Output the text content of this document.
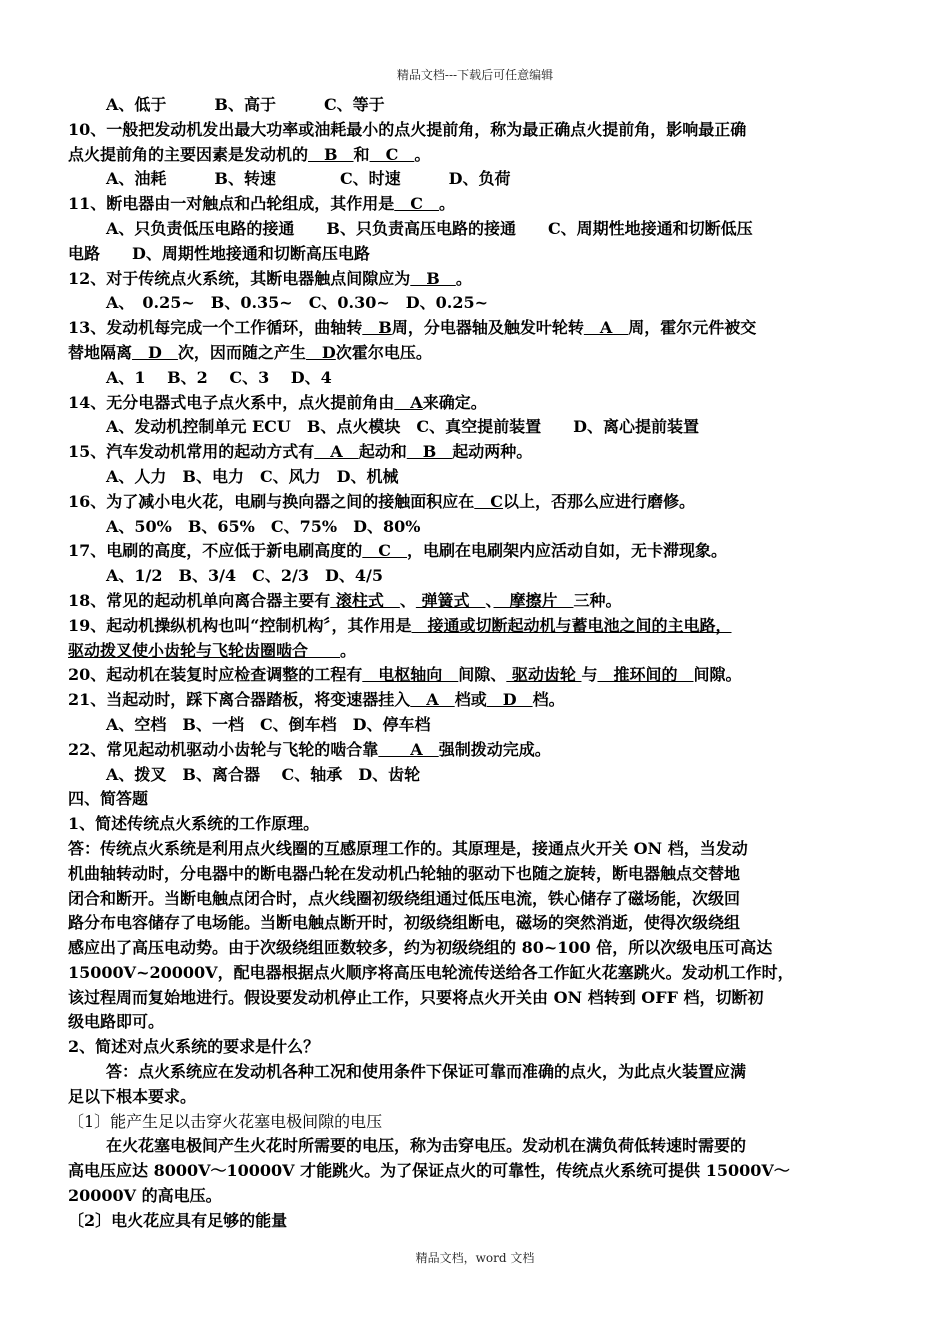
精品文档---下载后可任意编辑
A、低于　　　B、高于　　　C、等于
10、一般把发动机发出最大功率或油耗最小的点火提前角，称为最正确点火提前角，影响最正确
点火提前角的主要因素是发动机的　B　和　C　。
A、油耗　　　B、转速　　　　C、时速　　　D、负荷
11、断电器由一对触点和凸轮组成，其作用是　C　。
A、只负责低压电路的接通　　B、只负责高压电路的接通　　C、周期性地接通和切断低压
电路　　D、周期性地接通和切断高压电路
12、对于传统点火系统，其断电器触点间隙应为　B　。
A、　0.25~　B、0.35~　C、0.30~　D、0.25~
13、发动机每完成一个工作循环，曲轴转　B周，分电器轴及触发叶轮转　A　周，霍尔元件被交
替地隔离　D　次，因而随之产生　D次霍尔电压。
A、1　 B、2　 C、3　 D、4
14、无分电器式电子点火系中，点火提前角由　A来确定。
A、发动机控制单元 ECU　B、点火模块　C、真空提前装置　　D、离心提前装置
15、汽车发动机常用的起动方式有　A　起动和　B　起动两种。
A、人力　B、电力　C、风力　D、机械
16、为了减小电火花，电刷与换向器之间的接触面积应在　C以上，否那么应进行磨修。
A、50%　B、65%　C、75%　D、80%
17、电刷的高度，不应低于新电刷高度的　C　，电刷在电刷架内应活动自如，无卡滞现象。
A、1/2　B、3/4　C、2/3　D、4/5
18、常见的起动机单向离合器主要有 滚柱式　、 弹簧式　、　摩擦片　三种。
19、起动机操纵机构也叫“控制机构〞，其作用是　接通或切断起动机与蓄电池之间的主电路，
驱动拨叉使小齿轮与飞轮齿圈啮合　　。
20、起动机在装复时应检查调整的工程有　电枢轴向　间隙、 驱动齿轮 与　推环间的　间隙。
21、当起动时，踩下离合器踏板，将变速器挂入　A　档或　D　档。
A、空档　B、一档　C、倒车档　D、停车档
22、常见起动机驱动小齿轮与飞轮的啮合靠　　A　强制拨动完成。
A、拨叉　B、离合器　 C、轴承　D、齿轮
四、简答题
1、简述传统点火系统的工作原理。
答：传统点火系统是利用点火线圈的互感原理工作的。其原理是，接通点火开关 ON 档，当发动
机曲轴转动时，分电器中的断电器凸轮在发动机凸轮轴的驱动下也随之旋转，断电器触点交替地
闭合和断开。当断电触点闭合时，点火线圈初级绕组通过低压电流，铁心储存了磁场能，次级回
路分布电容储存了电场能。当断电触点断开时，初级绕组断电，磁场的突然消逝，使得次级绕组
感应出了高压电动势。由于次级绕组匝数较多，约为初级绕组的 80~100 倍，所以次级电压可高达
15000V~20000V，配电器根据点火顺序将高压电轮流传送给各工作缸火花塞跳火。发动机工作时，
该过程周而复始地进行。假设要发动机停止工作，只要将点火开关由 ON 档转到 OFF 档，切断初
级电路即可。
2、简述对点火系统的要求是什么？
答：点火系统应在发动机各种工况和使用条件下保证可靠而准确的点火，为此点火装置应满
足以下根本要求。
〔1〕能产生足以击穿火花塞电极间隙的电压
在火花塞电极间产生火花时所需要的电压，称为击穿电压。发动机在满负荷低转速时需要的
高电压应达 8000V～10000V 才能跳火。为了保证点火的可靠性，传统点火系统可提供 15000V～
20000V 的高电压。
〔2〕电火花应具有足够的能量
精品文档，word 文档
